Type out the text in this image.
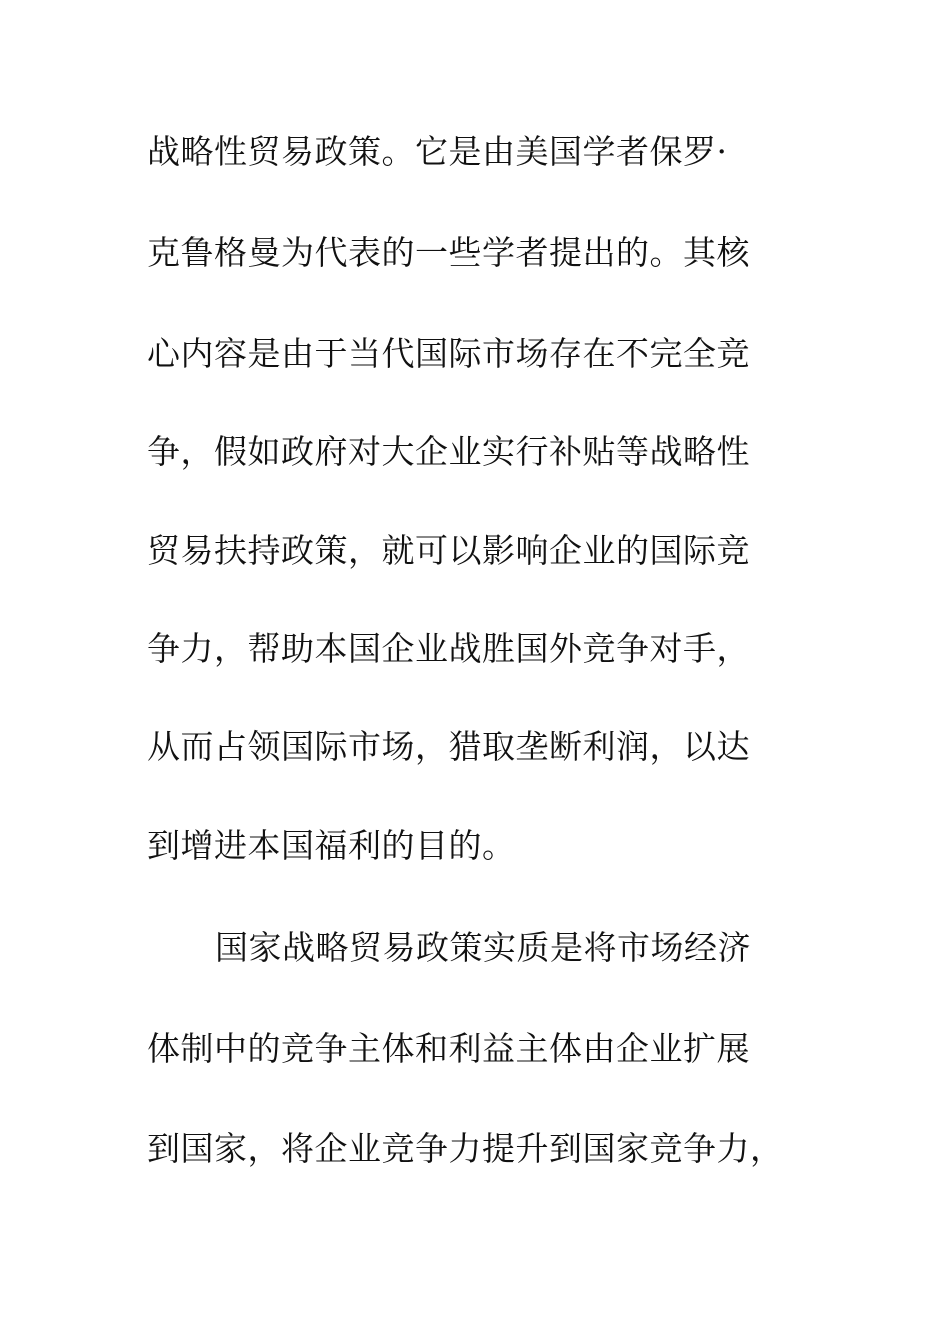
战略性贸易政策。它是由美国学者保罗·
克鲁格曼为代表的一些学者提出的。其核
心内容是由于当代国际市场存在不完全竞
争，假如政府对大企业实行补贴等战略性
贸易扶持政策，就可以影响企业的国际竞
争力，帮助本国企业战胜国外竞争对手，
从而占领国际市场，猎取垄断利润，以达
到增进本国福利的目的。
国家战略贸易政策实质是将市场经济
体制中的竞争主体和利益主体由企业扩展
到国家，将企业竞争力提升到国家竞争力，
